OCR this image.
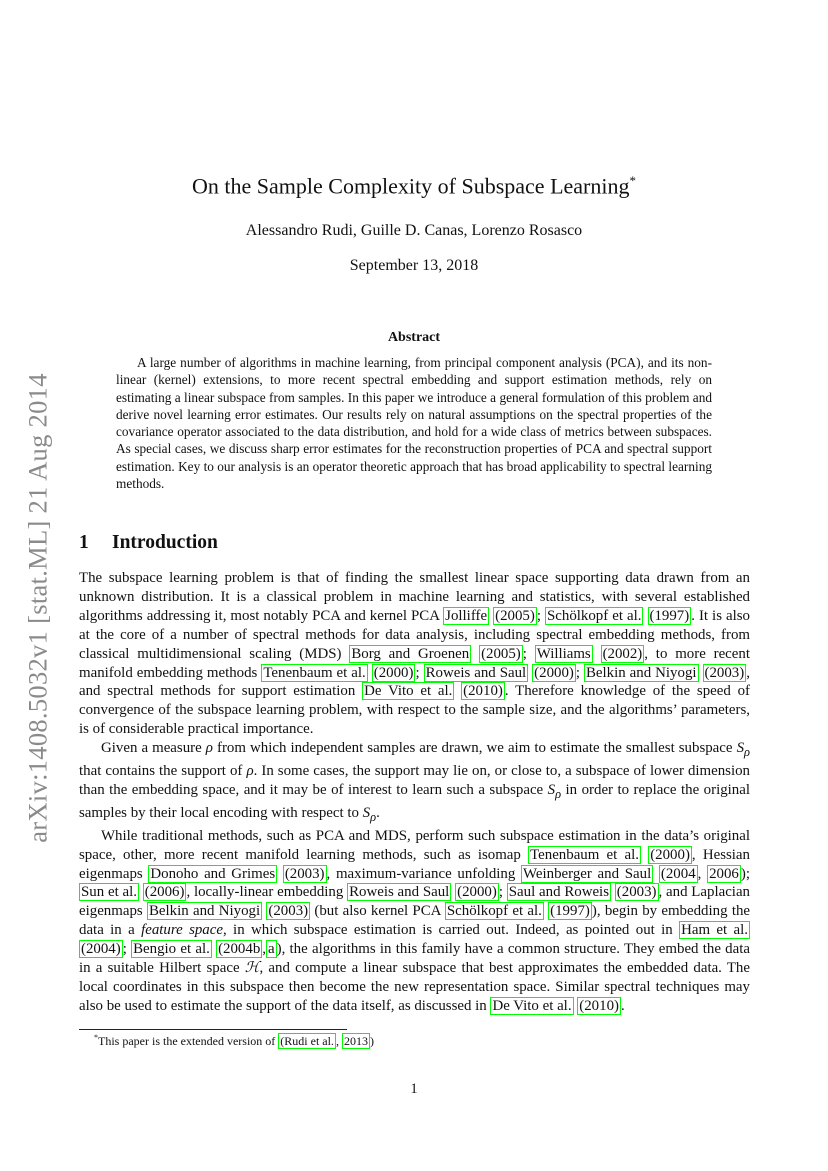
arXiv:1408.5032v1 [stat.ML] 21 Aug 2014
On the Sample Complexity of Subspace Learning*
Alessandro Rudi, Guille D. Canas, Lorenzo Rosasco
September 13, 2018
Abstract

A large number of algorithms in machine learning, from principal component analysis (PCA), and its non-linear (kernel) extensions, to more recent spectral embedding and support estimation methods, rely on estimating a linear subspace from samples. In this paper we introduce a general formulation of this problem and derive novel learning error estimates. Our results rely on natural assumptions on the spectral properties of the covariance operator associated to the data distribution, and hold for a wide class of metrics between subspaces. As special cases, we discuss sharp error estimates for the reconstruction properties of PCA and spectral support estimation. Key to our analysis is an operator theoretic approach that has broad applicability to spectral learning methods.

1 Introduction

The subspace learning problem is that of finding the smallest linear space supporting data drawn from an unknown distribution. It is a classical problem in machine learning and statistics, with several established algorithms addressing it, most notably PCA and kernel PCA Jolliffe (2005) ; Schölkopf et al. (1997) . It is also at the core of a number of spectral methods for data analysis, including spectral embedding methods, from classical multidimensional scaling (MDS) Borg and Groenen (2005) ; Williams (2002) , to more recent manifold embedding methods Tenenbaum et al. (2000) ; Roweis and Saul (2000) ; Belkin and Niyogi (2003) , and spectral methods for support estimation De Vito et al. (2010) . Therefore knowledge of the speed of convergence of the subspace learning problem, with respect to the sample size, and the algorithms’ parameters, is of considerable practical importance.

Given a measure ρ from which independent samples are drawn, we aim to estimate the smallest subspace $S_\rho$ that contains the support of ρ. In some cases, the support may lie on, or close to, a subspace of lower dimension than the embedding space, and it may be of interest to learn such a subspace $S_\rho$ in order to replace the original samples by their local encoding with respect to $S_\rho$.

While traditional methods, such as PCA and MDS, perform such subspace estimation in the data’s original space, other, more recent manifold learning methods, such as isomap Tenenbaum et al. (2000) , Hessian eigenmaps Donoho and Grimes (2003) , maximum-variance unfolding Weinberger and Saul (2004 , 2006 ); Sun et al. (2006) , locally-linear embedding Roweis and Saul (2000) ; Saul and Roweis (2003) , and Laplacian eigenmaps Belkin and Niyogi (2003) (but also kernel PCA Schölkopf et al. (1997) ), begin by embedding the data in a feature space, in which subspace estimation is carried out. Indeed, as pointed out in Ham et al. (2004) ; Bengio et al. (2004b , a ), the algorithms in this family have a common structure. They embed the data in a suitable Hilbert space ℋ, and compute a linear subspace that best approximates the embedded data. The local coordinates in this subspace then become the new representation space. Similar spectral techniques may also be used to estimate the support of the data itself, as discussed in De Vito et al. (2010) .

*This paper is the extended version of (Rudi et al. , 2013 )
1
